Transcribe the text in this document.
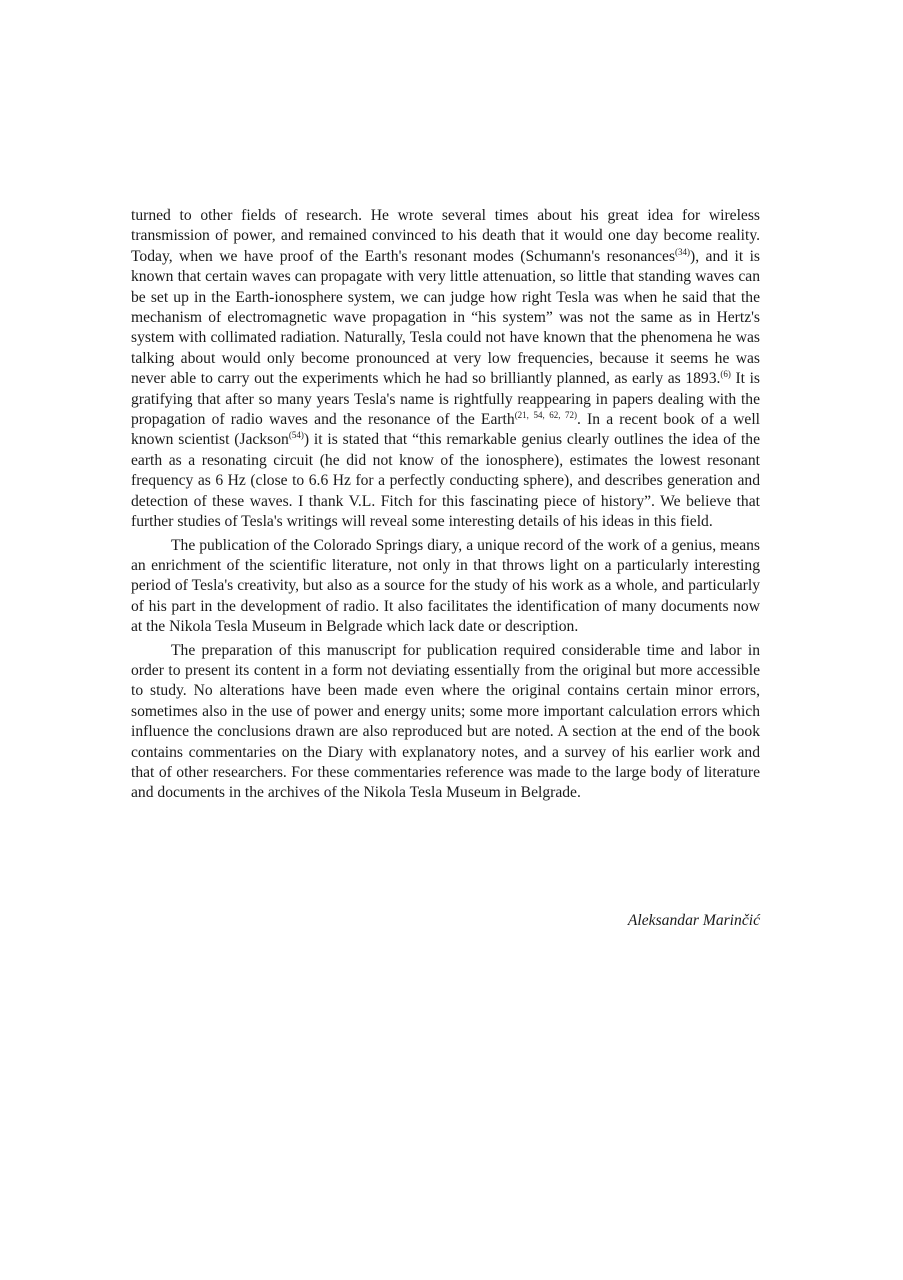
turned to other fields of research. He wrote several times about his great idea for wireless transmission of power, and remained convinced to his death that it would one day become reality. Today, when we have proof of the Earth's resonant modes (Schumann's resonances$^{(34)}$), and it is known that certain waves can propagate with very little attenuation, so little that standing waves can be set up in the Earth-ionosphere system, we can judge how right Tesla was when he said that the mechanism of electromagnetic wave propagation in “his system” was not the same as in Hertz's system with collimated radiation. Naturally, Tesla could not have known that the phenomena he was talking about would only become pronounced at very low frequencies, because it seems he was never able to carry out the experiments which he had so brilliantly planned, as early as 1893.$^{(6)}$ It is gratifying that after so many years Tesla's name is rightfully reappearing in papers dealing with the propagation of radio waves and the resonance of the Earth$^{(21, 54, 62, 72)}$. In a recent book of a well known scientist (Jackson$^{(54)}$) it is stated that “this remarkable genius clearly outlines the idea of the earth as a resonating circuit (he did not know of the ionosphere), estimates the lowest resonant frequency as 6 Hz (close to 6.6 Hz for a perfectly conducting sphere), and describes generation and detection of these waves. I thank V.L. Fitch for this fascinating piece of history”. We believe that further studies of Tesla's writings will reveal some interesting details of his ideas in this field.

The publication of the Colorado Springs diary, a unique record of the work of a genius, means an enrichment of the scientific literature, not only in that throws light on a particularly interesting period of Tesla's creativity, but also as a source for the study of his work as a whole, and particularly of his part in the development of radio. It also facilitates the identification of many documents now at the Nikola Tesla Museum in Belgrade which lack date or description.

The preparation of this manuscript for publication required considerable time and labor in order to present its content in a form not deviating essentially from the original but more accessible to study. No alterations have been made even where the original contains certain minor errors, sometimes also in the use of power and energy units; some more important calculation errors which influence the conclusions drawn are also reproduced but are noted. A section at the end of the book contains commentaries on the Diary with explanatory notes, and a survey of his earlier work and that of other researchers. For these commentaries reference was made to the large body of literature and documents in the archives of the Nikola Tesla Museum in Belgrade.

Aleksandar Marinčić
